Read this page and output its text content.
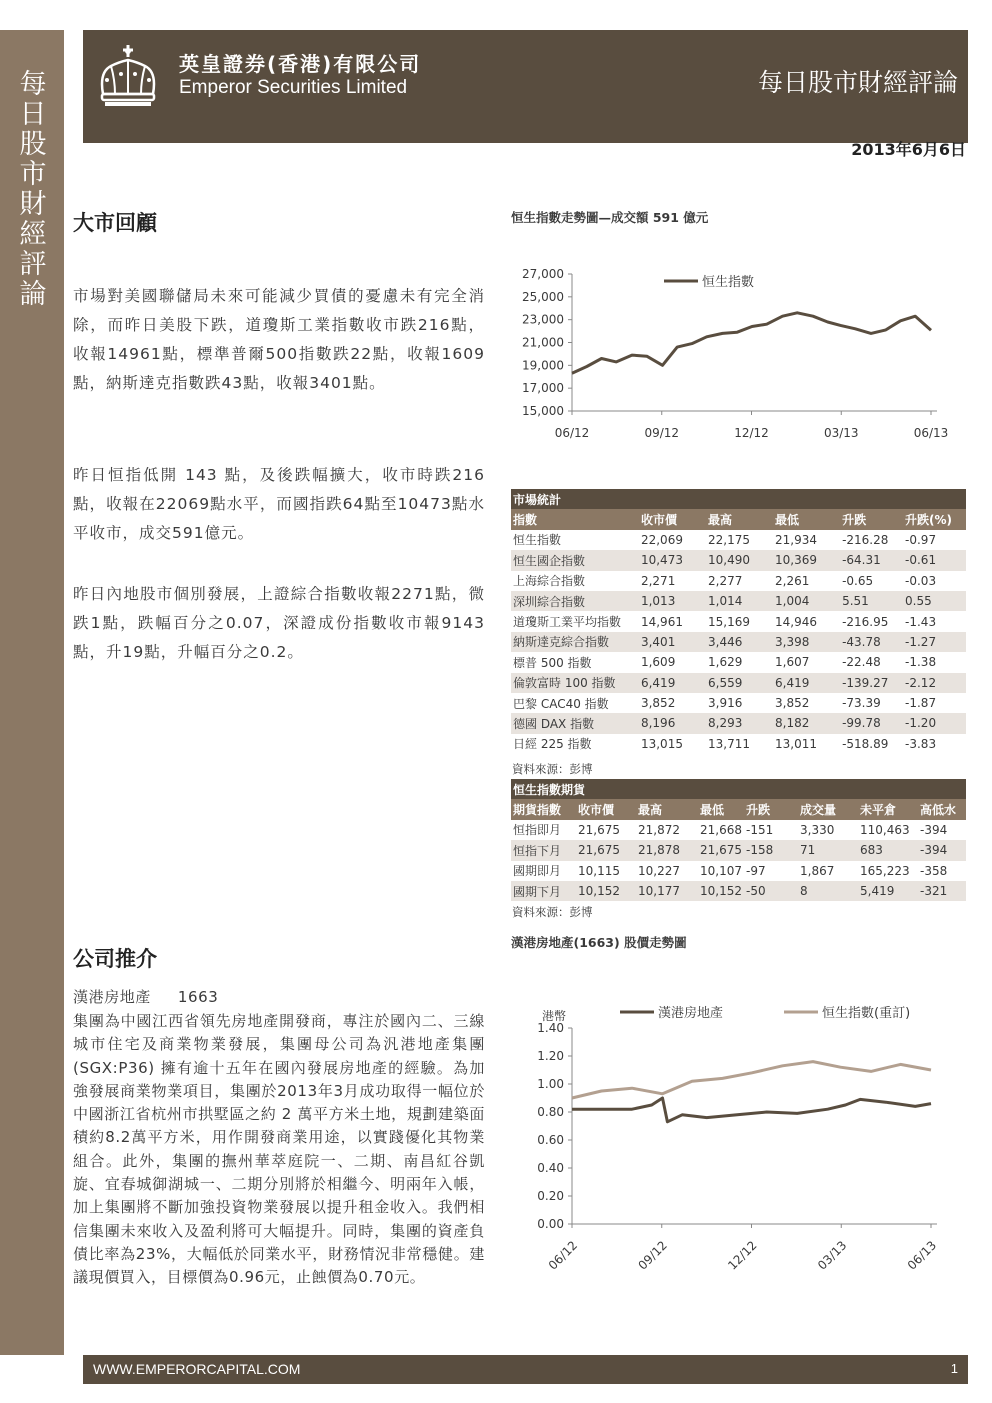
每日股市財經評論
英皇證券(香港)有限公司
Emperor Securities Limited	每日股市財經評論
2013年6月6日
大市回顧

市場對美國聯儲局未來可能減少買債的憂慮未有完全消除，而昨日美股下跌，道瓊斯工業指數收市跌216點，收報14961點，標準普爾500指數跌22點，收報1609點，納斯達克指數跌43點，收報3401點。

昨日恒指低開 143 點，及後跌幅擴大，收市時跌216點，收報在22069點水平，而國指跌64點至10473點水平收市，成交591億元。

昨日內地股市個別發展，上證綜合指數收報2271點，微跌1點，跌幅百分之0.07，深證成份指數收市報9143點，升19點，升幅百分之0.2。

公司推介
漢港房地產     1663

集團為中國江西省領先房地產開發商，專注於國內二、三線城市住宅及商業物業發展，集團母公司為汎港地產集團(SGX:P36) 擁有逾十五年在國內發展房地產的經驗。為加強發展商業物業項目，集團於2013年3月成功取得一幅位於中國浙江省杭州市拱墅區之約 2 萬平方米土地，規劃建築面積約8.2萬平方米，用作開發商業用途，以實踐優化其物業組合。此外，集團的撫州華萃庭院一、二期、南昌紅谷凱旋、宜春城御湖城一、二期分別將於相繼今、明兩年入帳，加上集團將不斷加強投資物業發展以提升租金收入。我們相信集團未來收入及盈利將可大幅提升。同時，集團的資產負債比率為23%，大幅低於同業水平，財務情況非常穩健。建議現價買入，目標價為0.96元，止蝕價為0.70元。

恒生指數走勢圖—成交額 591 億元
27,000
25,000
23,000
21,000
19,000
17,000
15,000
06/12	09/12	12/12	03/13	06/13
恒生指數
市場統計					
指數	收市價	最高	最低	升跌	升跌(%)
恒生指數	22,069	22,175	21,934	-216.28	-0.97
恒生國企指數	10,473	10,490	10,369	-64.31	-0.61
上海綜合指數	2,271	2,277	2,261	-0.65	-0.03
深圳綜合指數	1,013	1,014	1,004	5.51	0.55
道瓊斯工業平均指數	14,961	15,169	14,946	-216.95	-1.43
納斯達克綜合指數	3,401	3,446	3,398	-43.78	-1.27
標普 500 指數	1,609	1,629	1,607	-22.48	-1.38
倫敦富時 100 指數	6,419	6,559	6,419	-139.27	-2.12
巴黎 CAC40 指數	3,852	3,916	3,852	-73.39	-1.87
德國 DAX 指數	8,196	8,293	8,182	-99.78	-1.20
日經 225 指數	13,015	13,711	13,011	-518.89	-3.83
資料來源：彭博
恒生指數期貨							
期貨指數	收市價	最高	最低	升跌	成交量	未平倉	高低水
恒指即月	21,675	21,872	21,668	-151	3,330	110,463	-394
恒指下月	21,675	21,878	21,675	-158	71	683	-394
國期即月	10,115	10,227	10,107	-97	1,867	165,223	-358
國期下月	10,152	10,177	10,152	-50	8	5,419	-321
資料來源：彭博
漢港房地產(1663) 股價走勢圖
1.40
1.20
1.00
0.80
0.60
0.40
0.20
0.00
06/12	09/12	12/12	03/13	06/13
漢港房地產	恒生指數(重訂)
港幣
WWW.EMPERORCAPITAL.COM	1
